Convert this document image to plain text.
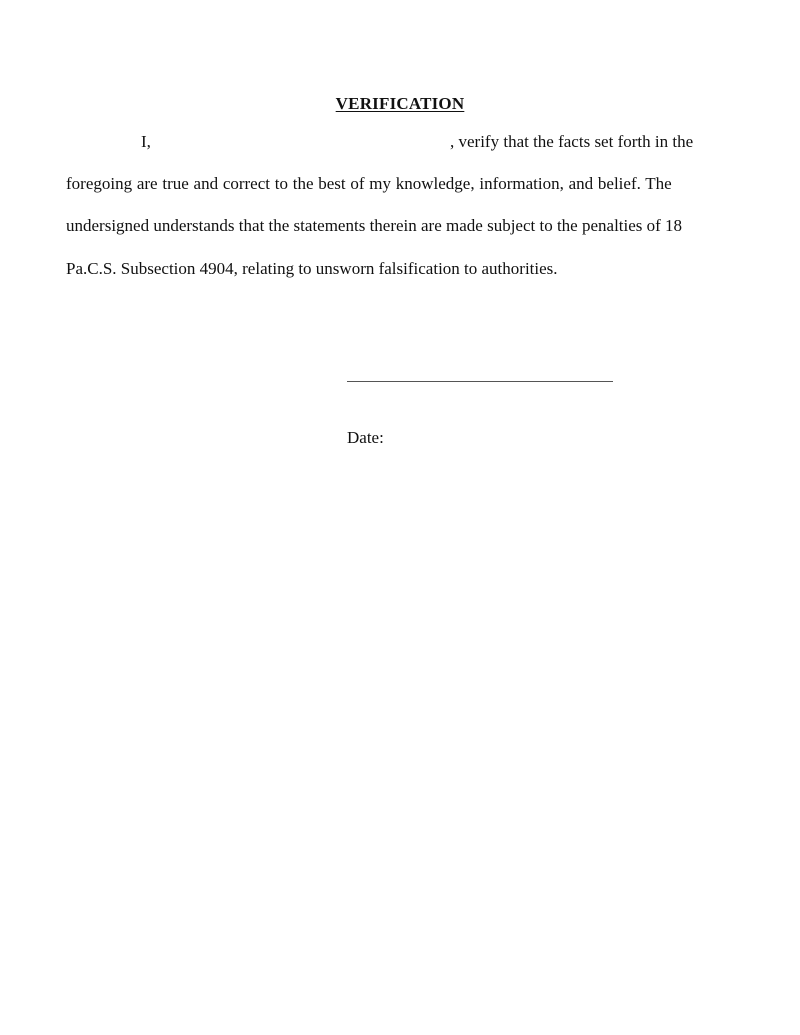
VERIFICATION
I,	, verify that the facts set forth in the
foregoing are true and correct to the best of my knowledge, information, and belief. The
undersigned understands that the statements therein are made subject to the penalties of 18
Pa.C.S. Subsection 4904, relating to unsworn falsification to authorities.
Date:
